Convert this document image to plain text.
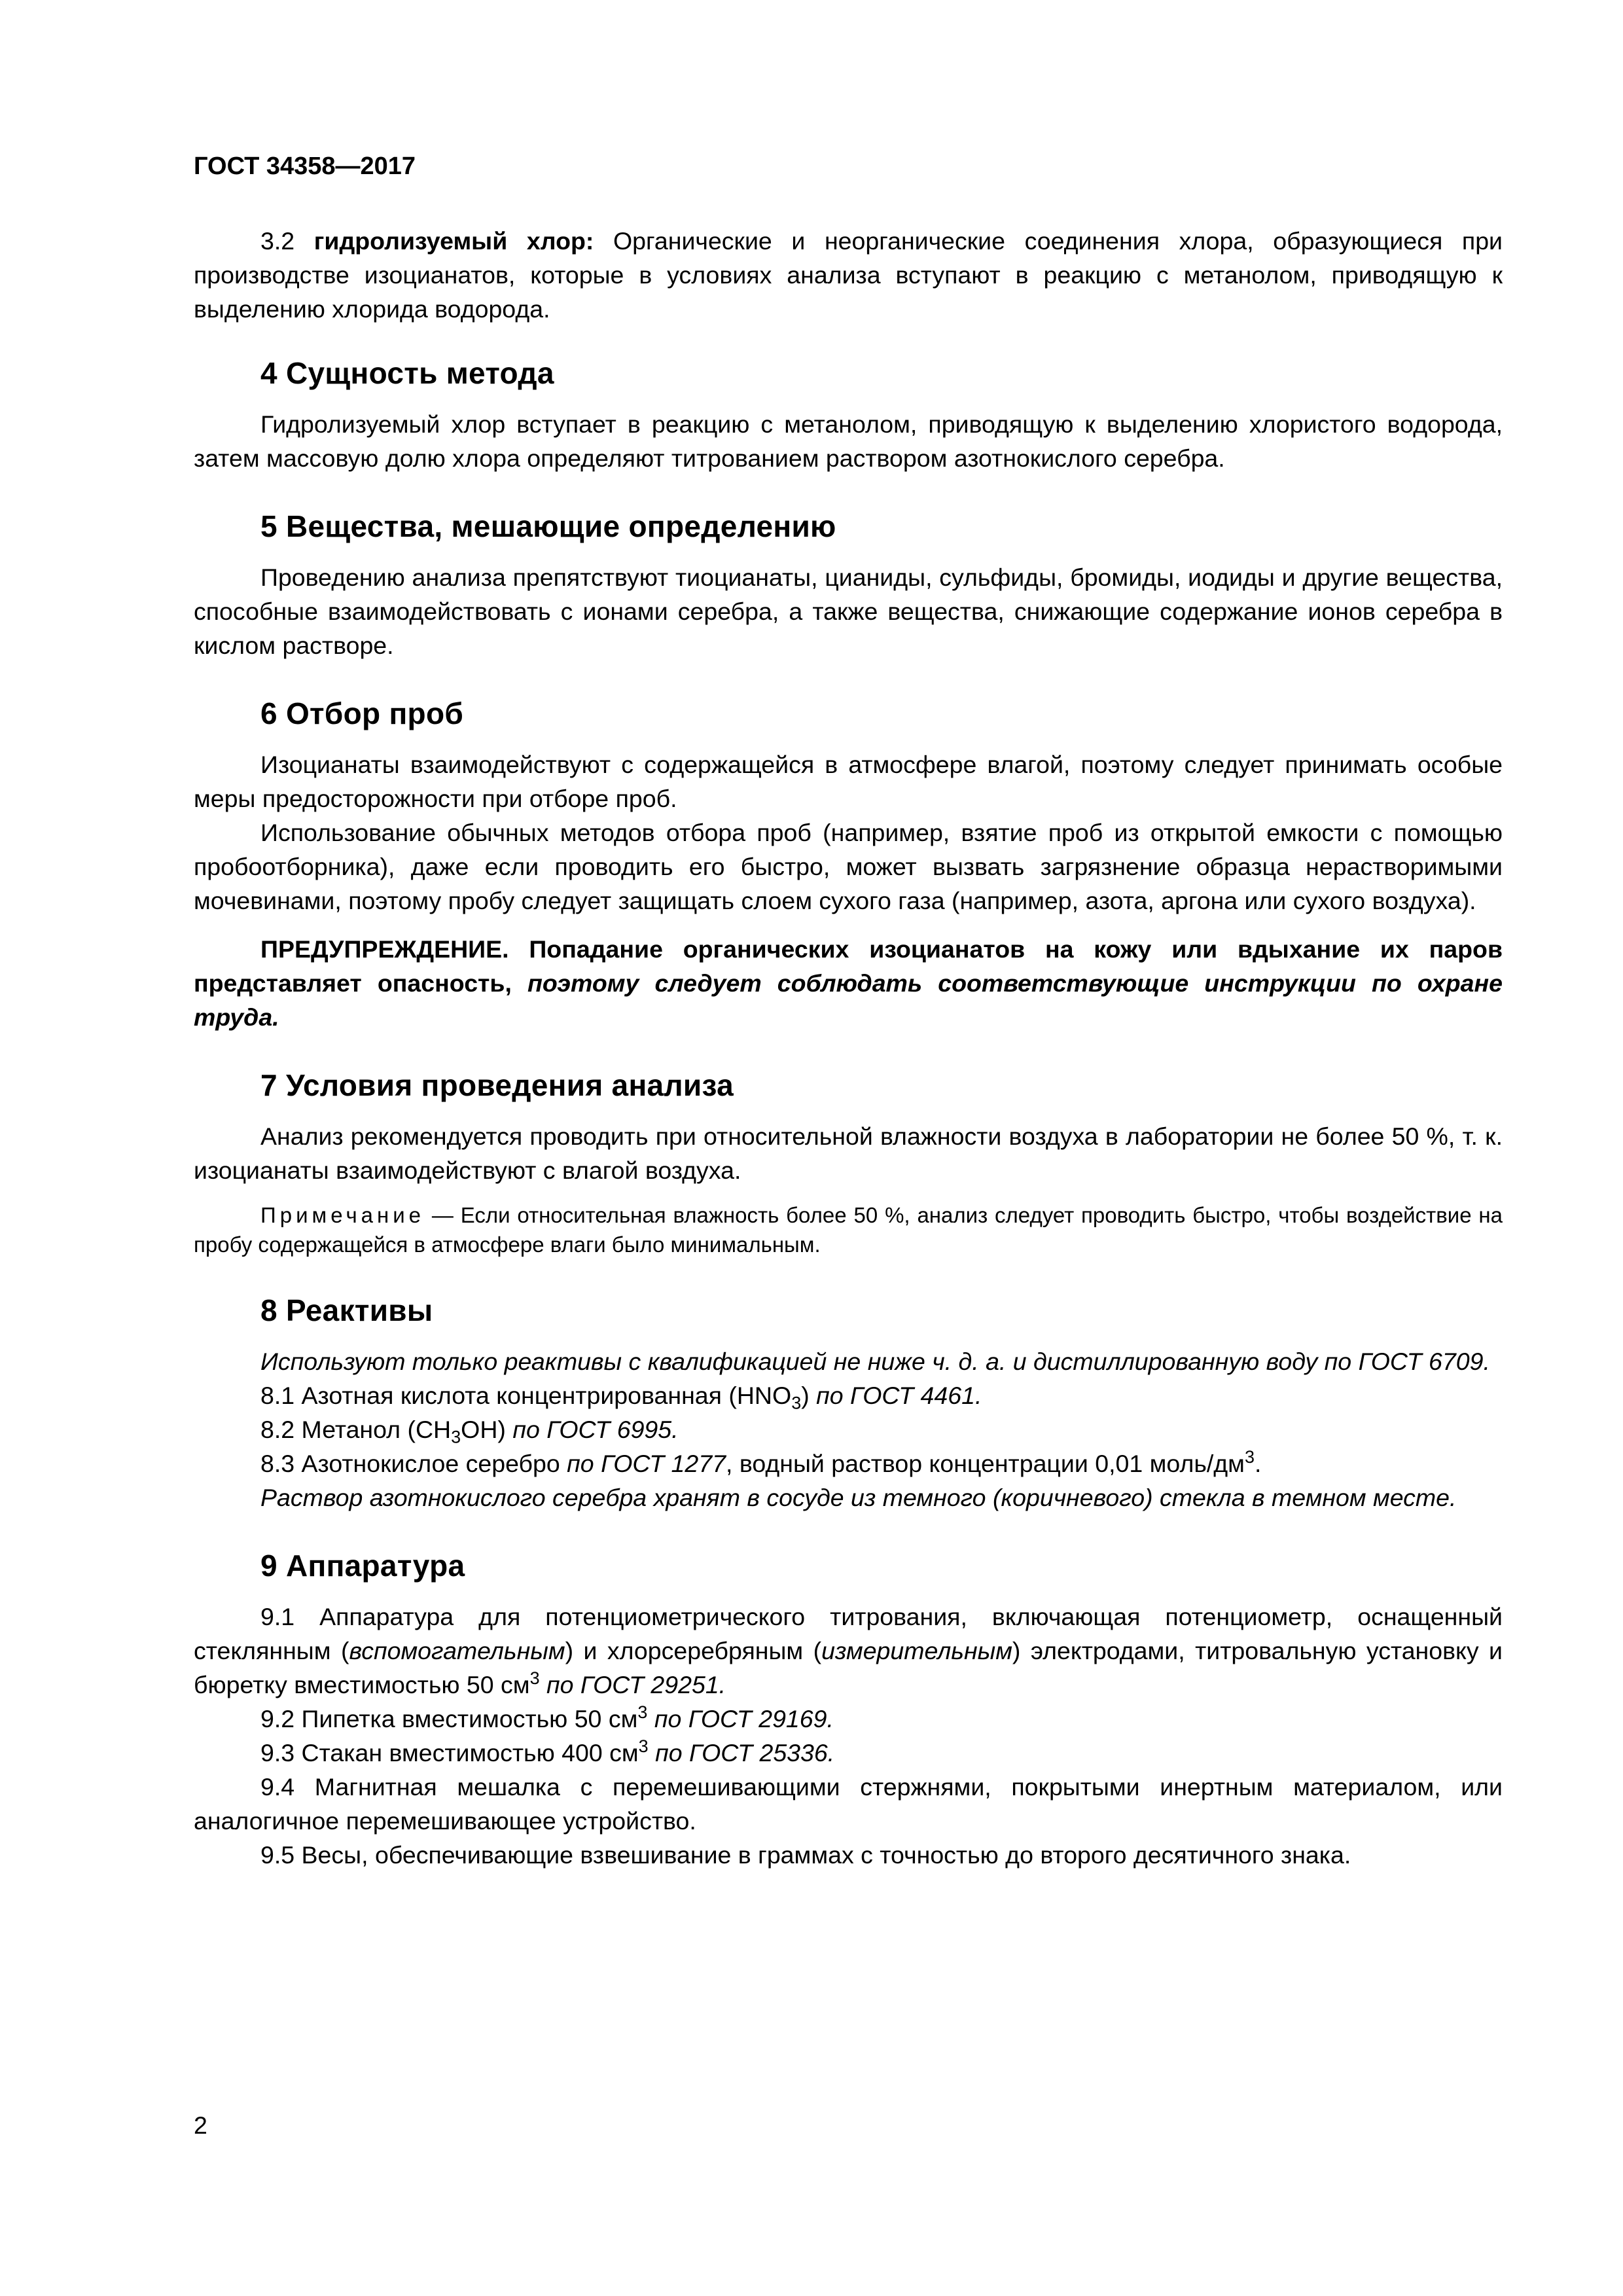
ГОСТ 34358—2017

3.2 гидролизуемый хлор: Органические и неорганические соединения хлора, образующиеся при производстве изоцианатов, которые в условиях анализа вступают в реакцию с метанолом, приводящую к выделению хлорида водорода.

4 Сущность метода

Гидролизуемый хлор вступает в реакцию с метанолом, приводящую к выделению хлористого водорода, затем массовую долю хлора определяют титрованием раствором азотнокислого серебра.

5 Вещества, мешающие определению

Проведению анализа препятствуют тиоцианаты, цианиды, сульфиды, бромиды, иодиды и другие вещества, способные взаимодействовать с ионами серебра, а также вещества, снижающие содержание ионов серебра в кислом растворе.

6 Отбор проб

Изоцианаты взаимодействуют с содержащейся в атмосфере влагой, поэтому следует принимать особые меры предосторожности при отборе проб.

Использование обычных методов отбора проб (например, взятие проб из открытой емкости с помощью пробоотборника), даже если проводить его быстро, может вызвать загрязнение образца нерастворимыми мочевинами, поэтому пробу следует защищать слоем сухого газа (например, азота, аргона или сухого воздуха).

ПРЕДУПРЕЖДЕНИЕ. Попадание органических изоцианатов на кожу или вдыхание их паров представляет опасность, поэтому следует соблюдать соответствующие инструкции по охране труда.

7 Условия проведения анализа

Анализ рекомендуется проводить при относительной влажности воздуха в лаборатории не более 50 %, т. к. изоцианаты взаимодействуют с влагой воздуха.

Примечание — Если относительная влажность более 50 %, анализ следует проводить быстро, чтобы воздействие на пробу содержащейся в атмосфере влаги было минимальным.

8 Реактивы

Используют только реактивы с квалификацией не ниже ч. д. а. и дистиллированную воду по ГОСТ 6709.

8.1 Азотная кислота концентрированная $(HNO_3)$ по ГОСТ 4461.

8.2 Метанол $(CH_3OH)$ по ГОСТ 6995.

8.3 Азотнокислое серебро по ГОСТ 1277, водный раствор концентрации 0,01 моль/$дм^3$.

Раствор азотнокислого серебра хранят в сосуде из темного (коричневого) стекла в темном месте.

9 Аппаратура

9.1 Аппаратура для потенциометрического титрования, включающая потенциометр, оснащенный стеклянным (вспомогательным) и хлорсеребряным (измерительным) электродами, титровальную установку и бюретку вместимостью 50 $см^3$ по ГОСТ 29251.

9.2 Пипетка вместимостью 50 $см^3$ по ГОСТ 29169.

9.3 Стакан вместимостью 400 $см^3$ по ГОСТ 25336.

9.4 Магнитная мешалка с перемешивающими стержнями, покрытыми инертным материалом, или аналогичное перемешивающее устройство.

9.5 Весы, обеспечивающие взвешивание в граммах с точностью до второго десятичного знака.

2
